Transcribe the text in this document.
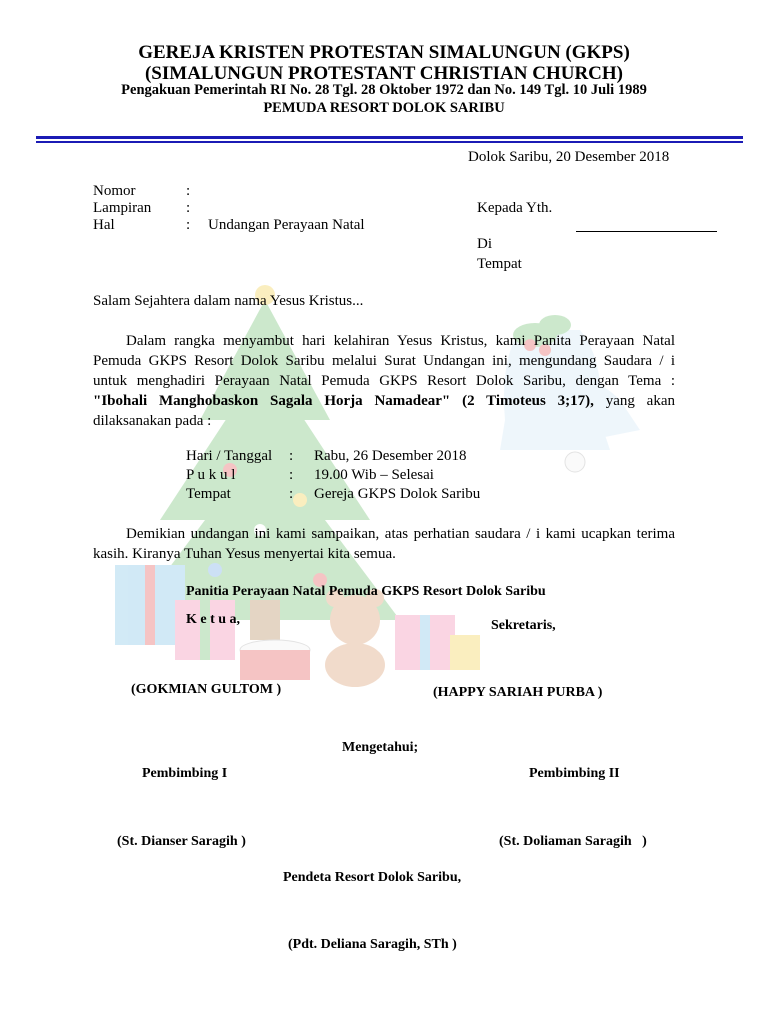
GEREJA KRISTEN PROTESTAN SIMALUNGUN (GKPS)
(SIMALUNGUN PROTESTANT CHRISTIAN CHURCH)
Pengakuan Pemerintah RI No. 28 Tgl. 28 Oktober 1972 dan No. 149 Tgl. 10 Juli 1989
PEMUDA RESORT DOLOK SARIBU
Dolok Saribu, 20 Desember 2018
Nomor	:
Lampiran :
Hal	: Undangan Perayaan Natal
Kepada Yth.
Di
Tempat
Salam Sejahtera dalam nama Yesus Kristus...
Dalam rangka menyambut hari kelahiran Yesus Kristus, kami Panita Perayaan Natal
Pemuda GKPS Resort Dolok Saribu melalui Surat Undangan ini, mengundang Saudara / i
untuk menghadiri Perayaan Natal Pemuda GKPS Resort Dolok Saribu, dengan Tema :
"Ibohali Manghobaskon Sagala Horja Namadear" (2 Timoteus 3;17), yang akan
dilaksanakan pada :
Hari / Tanggal : Rabu, 26 Desember 2018
P u k u l	: 19.00 Wib – Selesai
Tempat	: Gereja GKPS Dolok Saribu
Demikian undangan ini kami sampaikan, atas perhatian saudara / i kami ucapkan terima
kasih. Kiranya Tuhan Yesus menyertai kita semua.
Panitia Perayaan Natal Pemuda GKPS Resort Dolok Saribu
K e t u a,	Sekretaris,
(GOKMIAN GULTOM )	(HAPPY SARIAH PURBA )
Mengetahui;
Pembimbing I	Pembimbing II
(St. Dianser Saragih )	(St. Doliaman Saragih   )
Pendeta Resort Dolok Saribu,
(Pdt. Deliana Saragih, STh )
